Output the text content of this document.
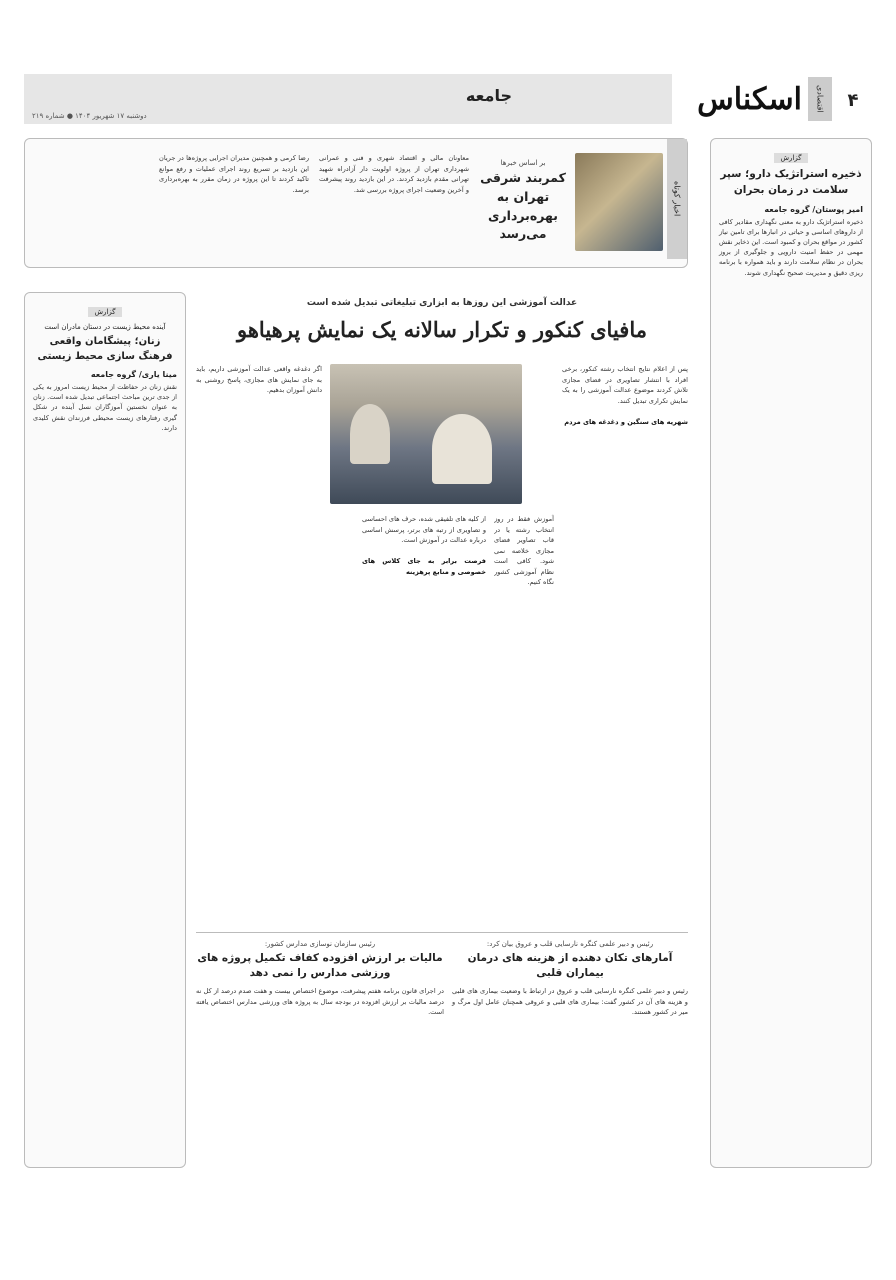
۴
اقتصادی
اسکناس
جامعه
دوشنبه ۱۷ شهریور ۱۴۰۴ ● شماره ۲۱۹
گزارش
ذخیره استراتژیک دارو؛ سپر سلامت در زمان بحران
امیر پوستان/ گروه جامعه
ذخیره استراتژیک دارو به معنی نگهداری مقادیر کافی از داروهای اساسی و حیاتی در انبارها برای تامین نیاز کشور در مواقع بحران و کمبود است. این ذخایر نقش مهمی در حفظ امنیت دارویی و جلوگیری از بروز بحران در نظام سلامت دارند و باید همواره با برنامه ریزی دقیق و مدیریت صحیح نگهداری شوند.
اخبار کوتاه
بر اساس خبرها
کمربند شرقی تهران به بهره‌برداری می‌رسد
معاونان مالی و اقتصاد شهری و فنی و عمرانی شهرداری تهران از پروژه اولویت دار آزادراه شهید تهرانی مقدم بازدید کردند. در این بازدید روند پیشرفت و آخرین وضعیت اجرای پروژه بررسی شد.
رضا کرمی و همچنین مدیران اجرایی پروژه‌ها در جریان این بازدید بر تسریع روند اجرای عملیات و رفع موانع تاکید کردند تا این پروژه در زمان مقرر به بهره‌برداری برسد.
گزارش
آینده محیط زیست در دستان مادران است
زنان؛ پیشگامان واقعی فرهنگ سازی محیط زیستی
مینا یاری/ گروه جامعه
نقش زنان در حفاظت از محیط زیست امروز به یکی از جدی ترین مباحث اجتماعی تبدیل شده است. زنان به عنوان نخستین آموزگاران نسل آینده در شکل گیری رفتارهای زیست محیطی فرزندان نقش کلیدی دارند.
عدالت آموزشی این روزها به ابزاری تبلیغاتی تبدیل شده است
مافیای کنکور و تکرار سالانه یک نمایش پرهیاهو
پس از اعلام نتایج انتخاب رشته کنکور، برخی افراد با انتشار تصاویری در فضای مجازی تلاش کردند موضوع عدالت آموزشی را به یک نمایش تکراری تبدیل کنند.

شهریه های سنگین و دغدغه های مردم
آموزش فقط در روز انتخاب رشته یا در قاب تصاویر فضای مجازی خلاصه نمی شود. کافی است نظام آموزشی کشور نگاه کنیم.
از کلیه های تلفیقی شده، حرف های احساسی و تصاویری از رتبه های برتر، پرسش اساسی درباره عدالت در آموزش است.

فرصت برابر به جای کلاس های خصوصی و منابع پرهزینه
اگر دغدغه واقعی عدالت آموزشی داریم، باید به جای نمایش های مجازی، پاسخ روشنی به دانش آموزان بدهیم.
رئیس و دبیر علمی کنگره نارسایی قلب و عروق بیان کرد:
آمارهای تکان دهنده از هزینه های درمان بیماران قلبی
رئیس و دبیر علمی کنگره نارسایی قلب و عروق در ارتباط با وضعیت بیماری های قلبی و هزینه های آن در کشور گفت: بیماری های قلبی و عروقی همچنان عامل اول مرگ و میر در کشور هستند.
رئیس سازمان نوسازی مدارس کشور:
مالیات بر ارزش افزوده کفاف تکمیل پروژه های ورزشی مدارس را نمی دهد
در اجرای قانون برنامه هفتم پیشرفت، موضوع اختصاص بیست و هفت صدم درصد از کل نه درصد مالیات بر ارزش افزوده در بودجه سال به پروژه های ورزشی مدارس اختصاص یافته است.
